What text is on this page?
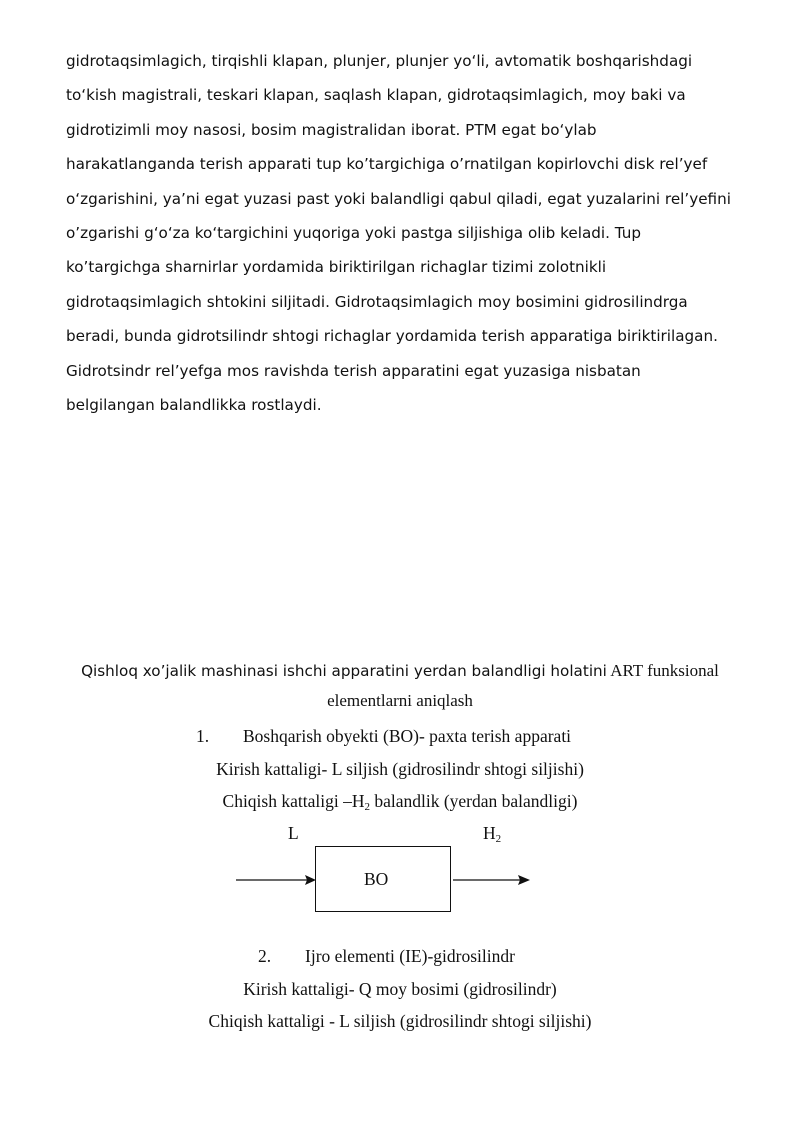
gidrotaqsimlagich, tirqishli klapan, plunjer, plunjer yo‘li, avtomatik boshqarishdagi
to‘kish magistrali, teskari klapan, saqlash klapan, gidrotaqsimlagich, moy baki va
gidrotizimli moy nasosi, bosim magistralidan iborat. PTM egat bo‘ylab
harakatlanganda terish apparati tup ko’targichiga o’rnatilgan kopirlovchi disk rel’yef
o‘zgarishini, ya’ni egat yuzasi past yoki balandligi qabul qiladi, egat yuzalarini rel’yefini
o’zgarishi g‘o‘za ko‘targichini yuqoriga yoki pastga siljishiga olib keladi. Tup
ko’targichga sharnirlar yordamida biriktirilgan richaglar tizimi zolotnikli
gidrotaqsimlagich shtokini siljitadi. Gidrotaqsimlagich moy bosimini gidrosilindrga
beradi, bunda gidrotsilindr shtogi richaglar yordamida terish apparatiga biriktirilagan.
Gidrotsindr rel’yefga mos ravishda terish apparatini egat yuzasiga nisbatan
belgilangan balandlikka rostlaydi.
Qishloq xo’jalik mashinasi ishchi apparatini yerdan balandligi holatini ART funksional
elementlarni aniqlash
1. Boshqarish obyekti (BO)- paxta terish apparati
Kirish kattaligi- L siljish (gidrosilindr shtogi siljishi)
Chiqish kattaligi $-H_2$ balandlik (yerdan balandligi)
L	$H_2$
BO
2. Ijro elementi (IE)-gidrosilindr
Kirish kattaligi- Q moy bosimi (gidrosilindr)
Chiqish kattaligi - L siljish (gidrosilindr shtogi siljishi)
